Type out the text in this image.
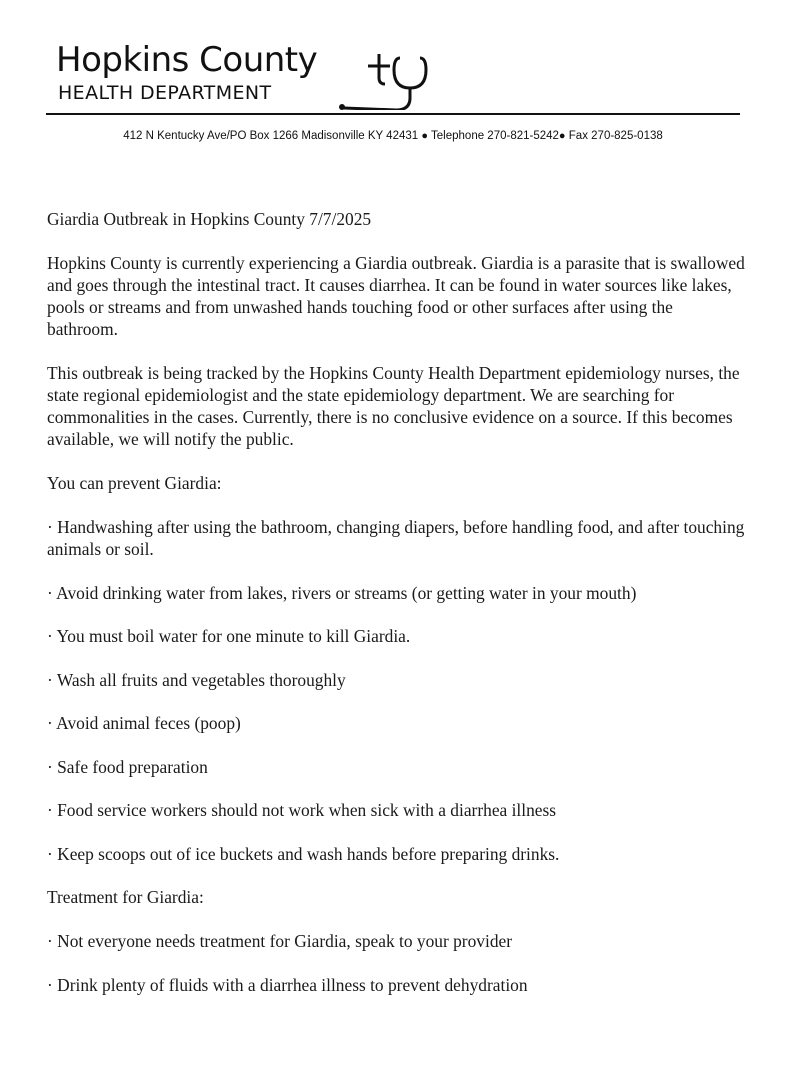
Hopkins County
HEALTH DEPARTMENT
412 N Kentucky Ave/PO Box 1266 Madisonville KY 42431 ● Telephone 270-821-5242● Fax 270-825-0138

Giardia Outbreak in Hopkins County 7/7/2025

Hopkins County is currently experiencing a Giardia outbreak. Giardia is a parasite that is swallowed and goes through the intestinal tract. It causes diarrhea. It can be found in water sources like lakes, pools or streams and from unwashed hands touching food or other surfaces after using the bathroom.

This outbreak is being tracked by the Hopkins County Health Department epidemiology nurses, the state regional epidemiologist and the state epidemiology department. We are searching for commonalities in the cases. Currently, there is no conclusive evidence on a source. If this becomes available, we will notify the public.

You can prevent Giardia:

· Handwashing after using the bathroom, changing diapers, before handling food, and after touching animals or soil.

· Avoid drinking water from lakes, rivers or streams (or getting water in your mouth)

· You must boil water for one minute to kill Giardia.

· Wash all fruits and vegetables thoroughly

· Avoid animal feces (poop)

· Safe food preparation

· Food service workers should not work when sick with a diarrhea illness

· Keep scoops out of ice buckets and wash hands before preparing drinks.

Treatment for Giardia:

· Not everyone needs treatment for Giardia, speak to your provider

· Drink plenty of fluids with a diarrhea illness to prevent dehydration
